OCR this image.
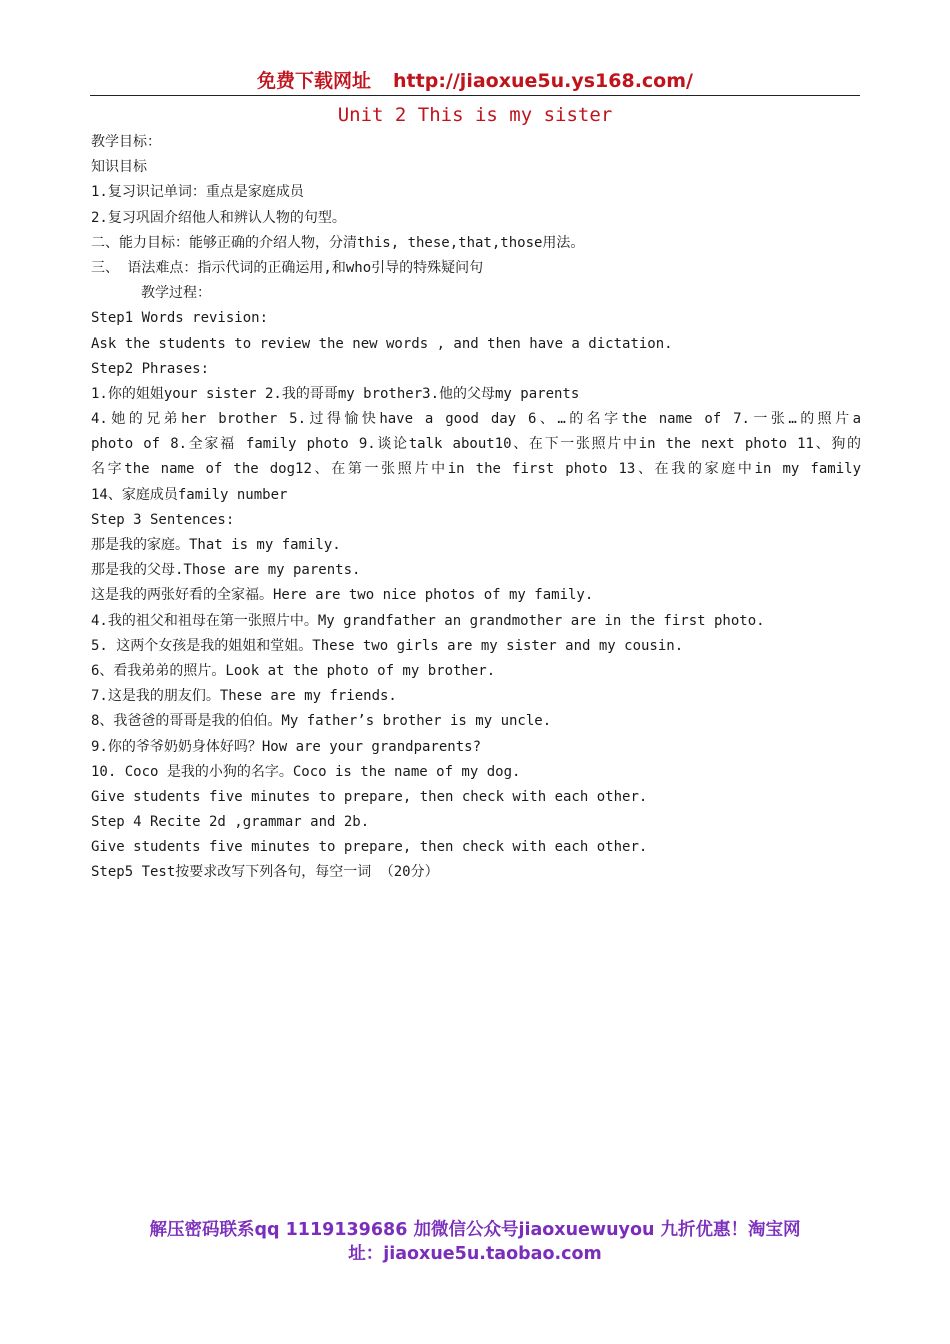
免费下载网址 http://jiaoxue5u.ys168.com/
Unit 2 This is my sister
教学目标：
知识目标
1.复习识记单词：重点是家庭成员
2.复习巩固介绍他人和辨认人物的句型。
二、能力目标：能够正确的介绍人物，分清this, these,that,those用法。
三、 语法难点：指示代词的正确运用,和who引导的特殊疑问句
教学过程：
Step1 Words revision:
Ask the students to review the new words , and then have a dictation.
Step2 Phrases:
1.你的姐姐your sister 2.我的哥哥my brother3.他的父母my parents
4.她的兄弟her brother 5.过得愉快have a good day 6、…的名字the name of 7.一张…的照片a
photo of 8.全家福 family photo 9.谈论talk about10、在下一张照片中in the next photo 11、狗的
名字the name of the dog12、在第一张照片中in the first photo 13、在我的家庭中in my family
14、家庭成员family number
Step 3 Sentences:
那是我的家庭。That is my family.
那是我的父母.Those are my parents.
这是我的两张好看的全家福。Here are two nice photos of my family.
4.我的祖父和祖母在第一张照片中。My grandfather an grandmother are in the first photo.
5. 这两个女孩是我的姐姐和堂姐。These two girls are my sister and my cousin.
6、看我弟弟的照片。Look at the photo of my brother.
7.这是我的朋友们。These are my friends.
8、我爸爸的哥哥是我的伯伯。My father’s brother is my uncle.
9.你的爷爷奶奶身体好吗？How are your grandparents?
10. Coco 是我的小狗的名字。Coco is the name of my dog.
Give students five minutes to prepare, then check with each other.
Step 4 Recite 2d ,grammar and 2b.
Give students five minutes to prepare, then check with each other.
Step5 Test按要求改写下列各句，每空一词 （20分）
解压密码联系qq 1119139686 加微信公众号jiaoxuewuyou 九折优惠！淘宝网
址：jiaoxue5u.taobao.com
